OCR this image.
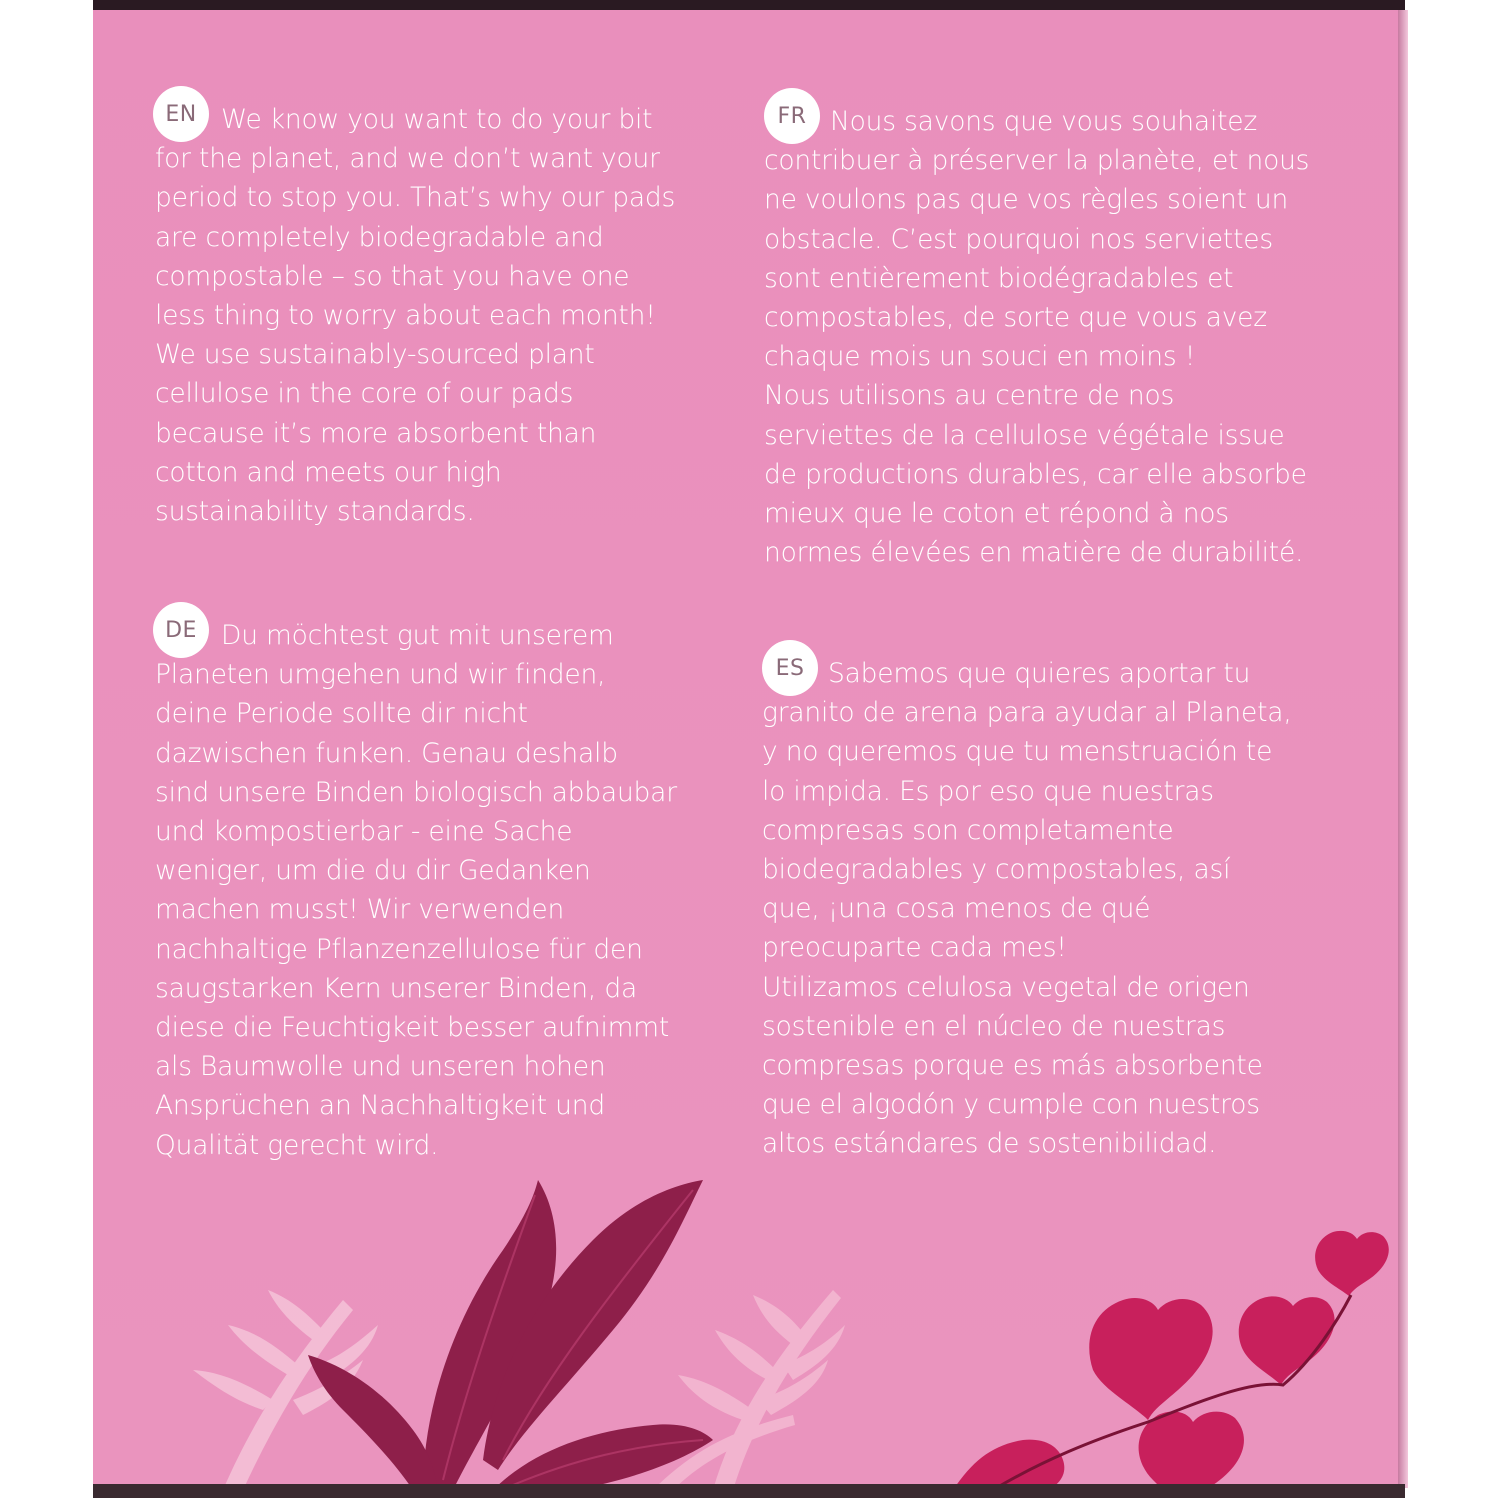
EN We know you want to do your bit
for the planet, and we don’t want your
period to stop you. That’s why our pads
are completely biodegradable and
compostable – so that you have one
less thing to worry about each month!
We use sustainably-sourced plant
cellulose in the core of our pads
because it’s more absorbent than
cotton and meets our high
sustainability standards.
FR Nous savons que vous souhaitez
contribuer à préserver la planète, et nous
ne voulons pas que vos règles soient un
obstacle. C’est pourquoi nos serviettes
sont entièrement biodégradables et
compostables, de sorte que vous avez
chaque mois un souci en moins !
Nous utilisons au centre de nos
serviettes de la cellulose végétale issue
de productions durables, car elle absorbe
mieux que le coton et répond à nos
normes élevées en matière de durabilité.
DE Du möchtest gut mit unserem
Planeten umgehen und wir finden,
deine Periode sollte dir nicht
dazwischen funken. Genau deshalb
sind unsere Binden biologisch abbaubar
und kompostierbar - eine Sache
weniger, um die du dir Gedanken
machen musst! Wir verwenden
nachhaltige Pflanzenzellulose für den
saugstarken Kern unserer Binden, da
diese die Feuchtigkeit besser aufnimmt
als Baumwolle und unseren hohen
Ansprüchen an Nachhaltigkeit und
Qualität gerecht wird.
ES Sabemos que quieres aportar tu
granito de arena para ayudar al Planeta,
y no queremos que tu menstruación te
lo impida. Es por eso que nuestras
compresas son completamente
biodegradables y compostables, así
que, ¡una cosa menos de qué
preocuparte cada mes!
Utilizamos celulosa vegetal de origen
sostenible en el núcleo de nuestras
compresas porque es más absorbente
que el algodón y cumple con nuestros
altos estándares de sostenibilidad.
